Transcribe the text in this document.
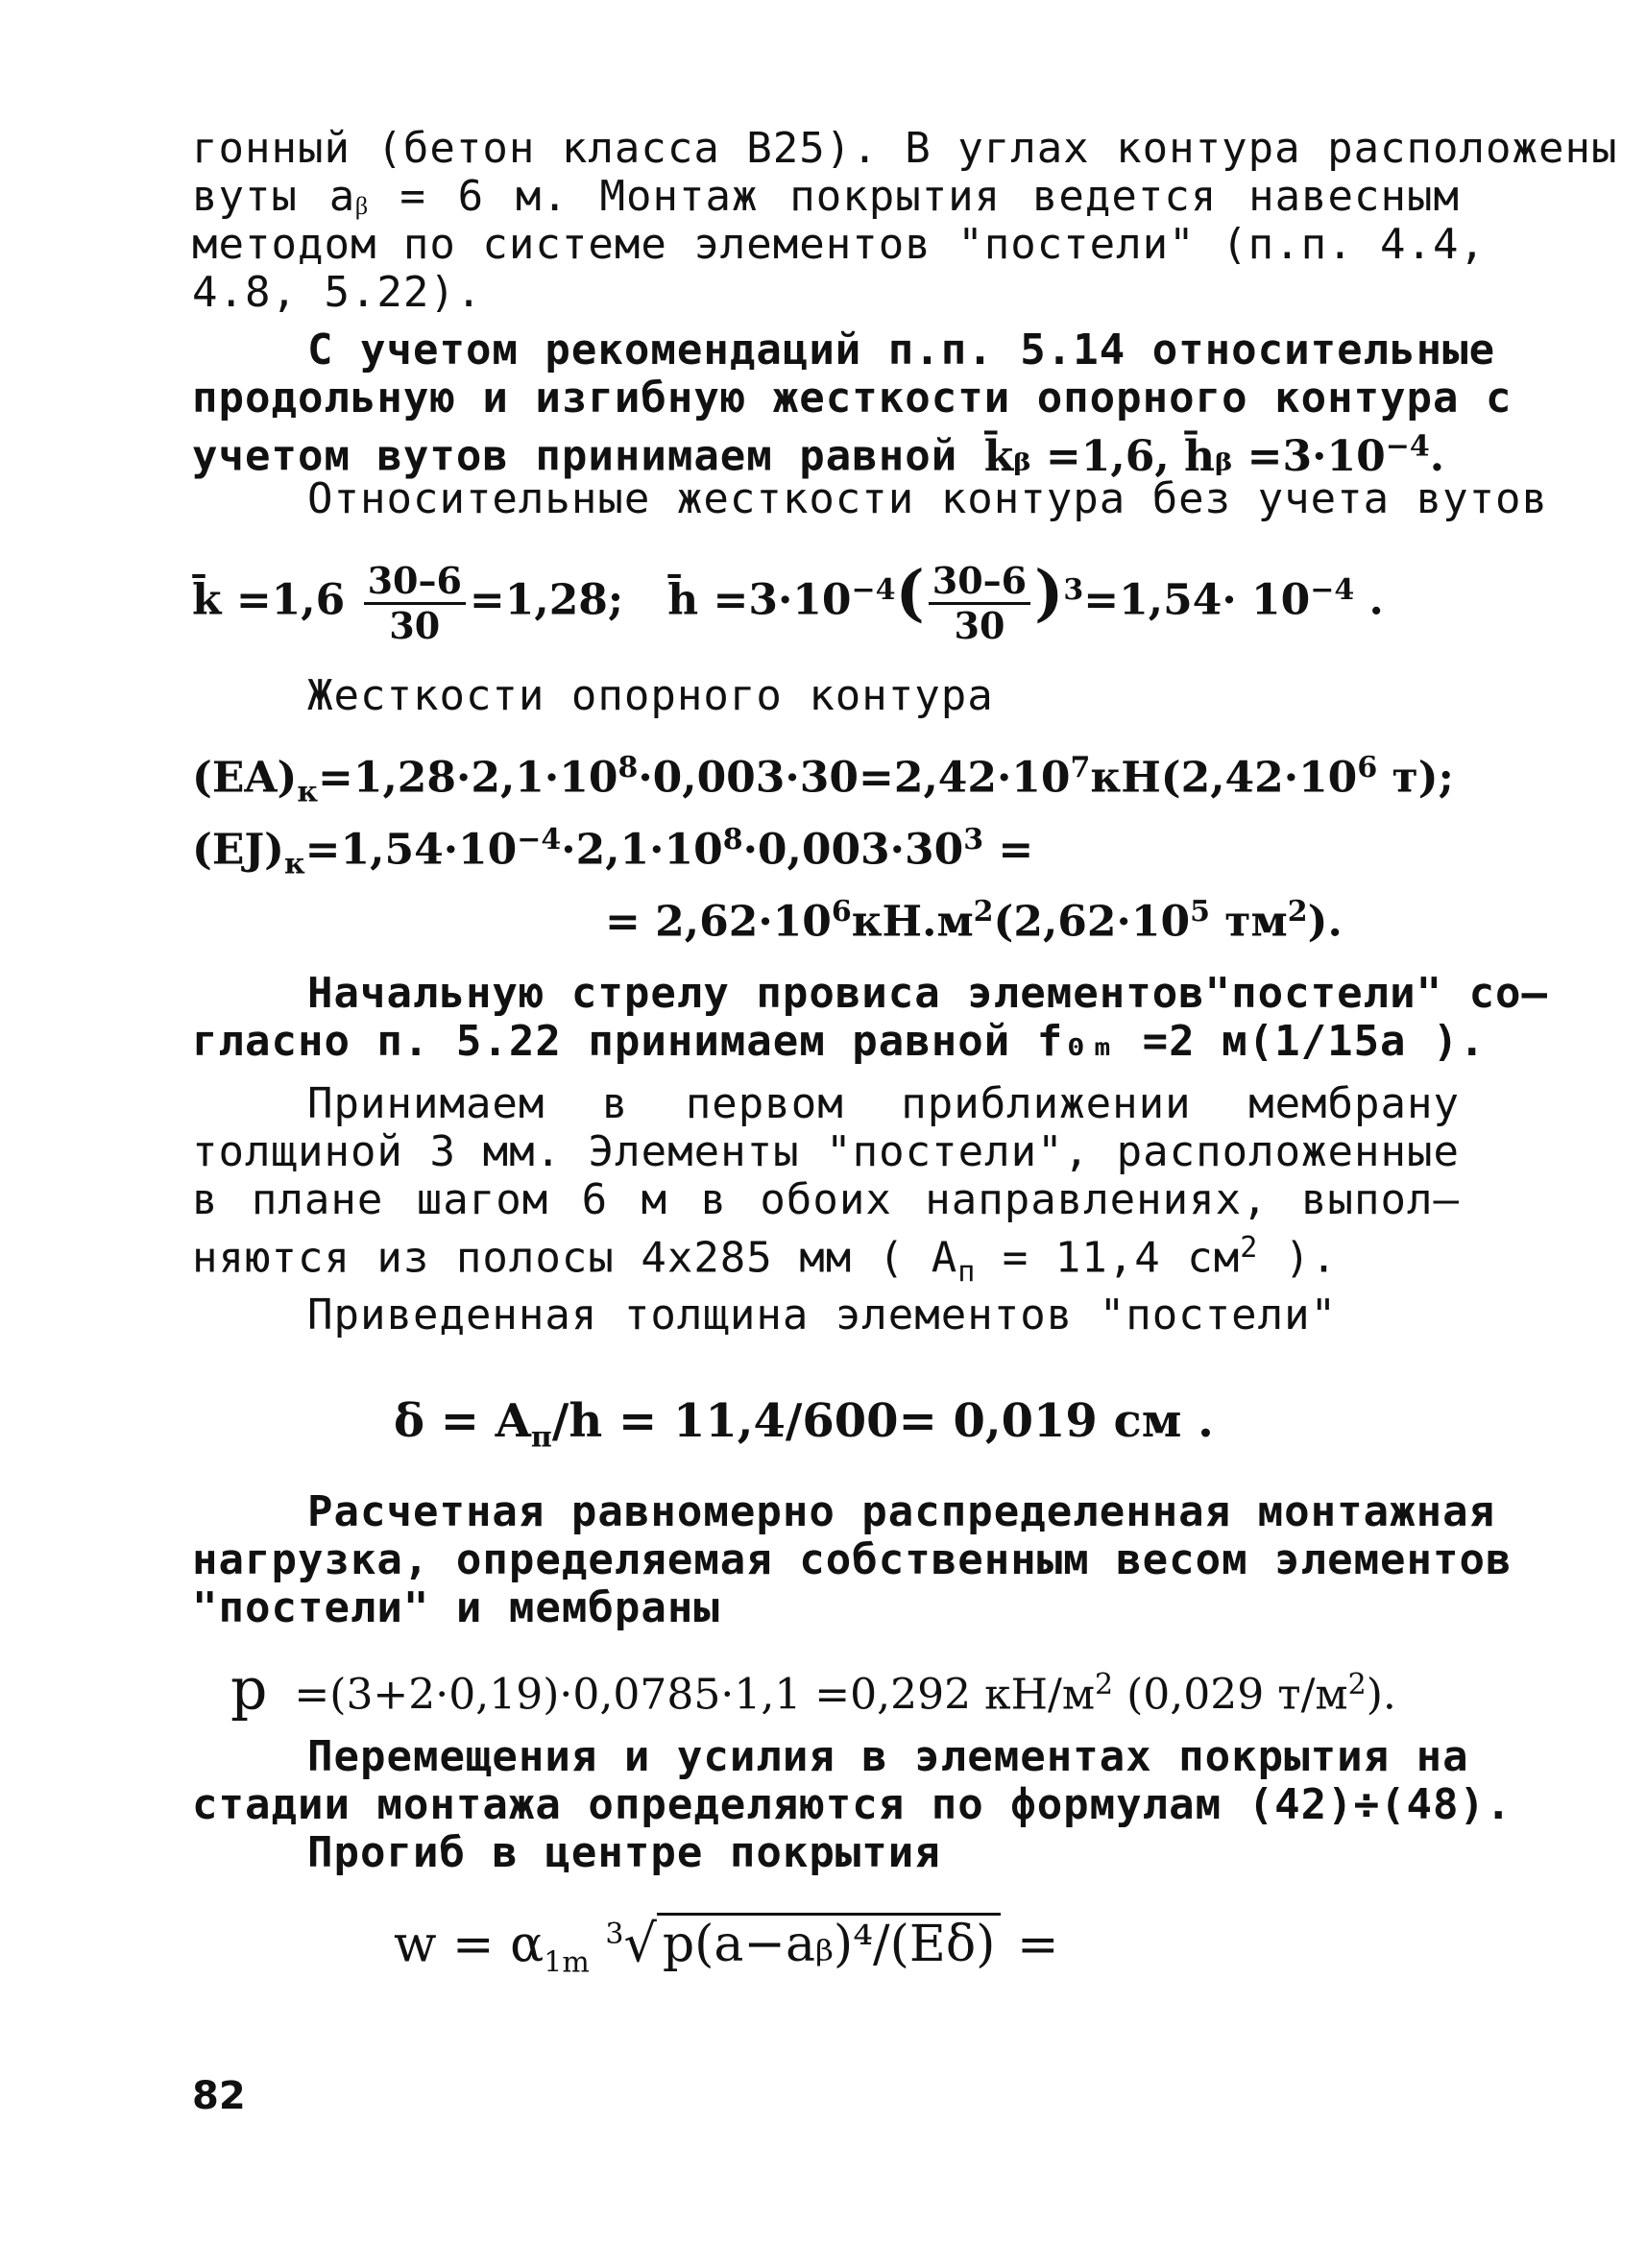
гонный (бетон класса В25). В углах контура расположены
вуты aᵦ = 6 м. Монтаж покрытия ведется навесным
методом по системе элементов "постели" (п.п. 4.4,
4.8, 5.22).
С учетом рекомендаций п.п. 5.14 относительные
продольную и изгибную жесткости опорного контура с
учетом вутов принимаем равной k̄ᵦ =1,6, h̄ᵦ $=3\cdot 10^{-4}$.
Относительные жесткости контура без учета вутов
k̄ $=1,6 \frac{30-6}{30} =1,28$; h̄ $=3\cdot 10^{-4}( \frac{30-6}{30} )^3=1,54\cdot 10^{-4}$ .
Жесткости опорного контура
$(EA)_к=1,28\cdot 2,1\cdot 10^8\cdot 0,003\cdot 30=2,42\cdot 10^7кН(2,42\cdot 10^6$ т);
$(EJ)_к=1,54\cdot 10^{-4}\cdot 2,1\cdot 10^8\cdot 0,003\cdot 30^3$ =
= $2,62\cdot 10^6кН.м^2(2,62\cdot 10^5$ $тм^2$).
Начальную стрелу провиса элементов"постели" со–
гласно п. 5.22 принимаем равной f₀ₘ =2 м(1/15a ).
Принимаем в первом приближении мембрану
толщиной 3 мм. Элементы "постели", расположенные
в плане шагом 6 м в обоих направлениях, выпол–
няются из полосы 4х285 мм ( $A_п = 11,4$ $см^2$ ).
Приведенная толщина элементов "постели"
$\delta = A_п/h = 11,4/600= 0,019$ см .
Расчетная равномерно распределенная монтажная
нагрузка, определяемая собственным весом элементов
"постели" и мембраны
p =(3+2·0,19)·0,0785·1,1 =0,292 $кН/м^2$ (0,029 $т/м^2$).
Перемещения и усилия в элементах покрытия на
стадии монтажа определяются по формулам (42)÷(48).
Прогиб в центре покрытия
$w = \alpha_{1m}$ $^3$√ p(a−aᵦ)⁴/(Eδ) =
82
